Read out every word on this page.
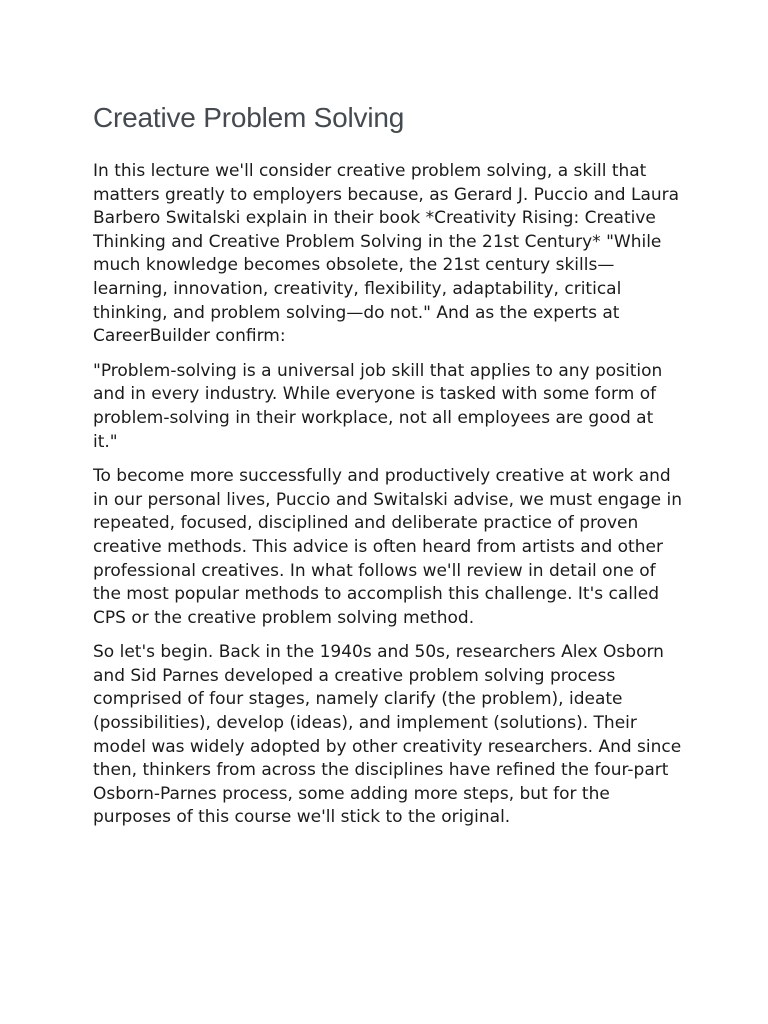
Creative Problem Solving

In this lecture we'll consider creative problem solving, a skill that matters greatly to employers because, as Gerard J. Puccio and Laura Barbero Switalski explain in their book *Creativity Rising: Creative Thinking and Creative Problem Solving in the 21st Century* "While much knowledge becomes obsolete, the 21st century skills—learning, innovation, creativity, flexibility, adaptability, critical thinking, and problem solving—do not." And as the experts at CareerBuilder confirm:

"Problem-solving is a universal job skill that applies to any position and in every industry. While everyone is tasked with some form of problem-solving in their workplace, not all employees are good at it."

To become more successfully and productively creative at work and in our personal lives, Puccio and Switalski advise, we must engage in repeated, focused, disciplined and deliberate practice of proven creative methods. This advice is often heard from artists and other professional creatives. In what follows we'll review in detail one of the most popular methods to accomplish this challenge. It's called CPS or the creative problem solving method.

So let's begin. Back in the 1940s and 50s, researchers Alex Osborn and Sid Parnes developed a creative problem solving process comprised of four stages, namely clarify (the problem), ideate (possibilities), develop (ideas), and implement (solutions). Their model was widely adopted by other creativity researchers. And since then, thinkers from across the disciplines have refined the four-part Osborn-Parnes process, some adding more steps, but for the purposes of this course we'll stick to the original.
